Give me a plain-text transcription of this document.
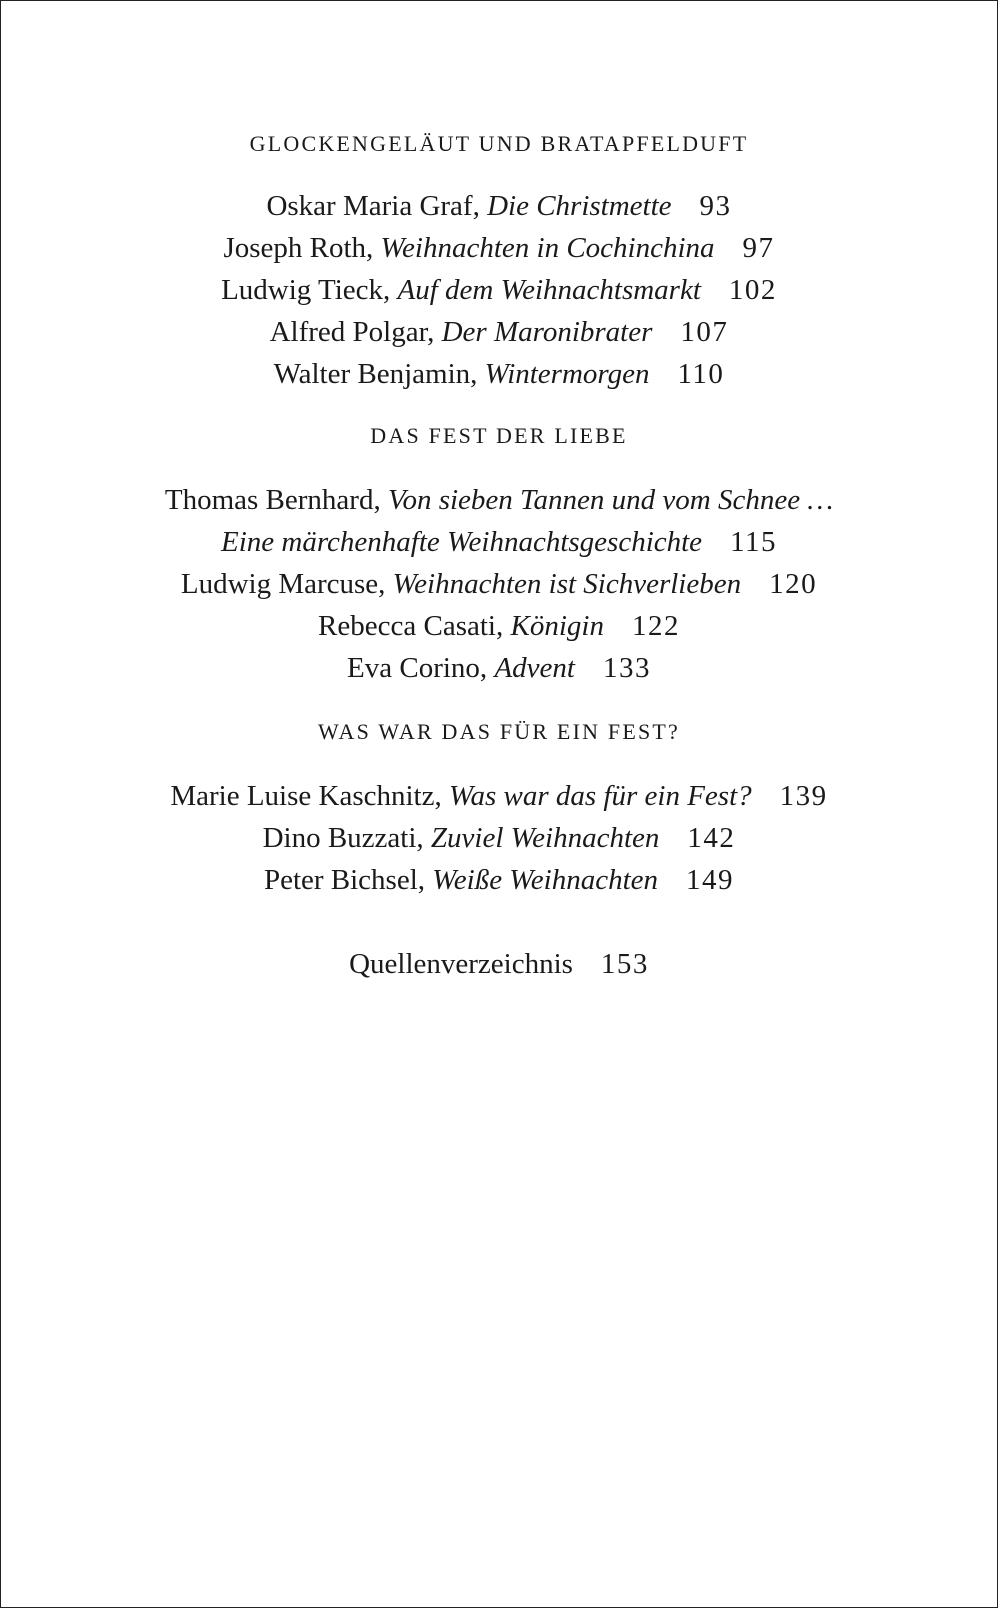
GLOCKENGELÄUT UND BRATAPFELDUFT
Oskar Maria Graf, Die Christmette 93
Joseph Roth, Weihnachten in Cochinchina 97
Ludwig Tieck, Auf dem Weihnachtsmarkt 102
Alfred Polgar, Der Maronibrater 107
Walter Benjamin, Wintermorgen 110
DAS FEST DER LIEBE
Thomas Bernhard, Von sieben Tannen und vom Schnee …
Eine märchenhafte Weihnachtsgeschichte 115
Ludwig Marcuse, Weihnachten ist Sichverlieben 120
Rebecca Casati, Königin 122
Eva Corino, Advent 133
WAS WAR DAS FÜR EIN FEST?
Marie Luise Kaschnitz, Was war das für ein Fest? 139
Dino Buzzati, Zuviel Weihnachten 142
Peter Bichsel, Weiße Weihnachten 149
Quellenverzeichnis 153
